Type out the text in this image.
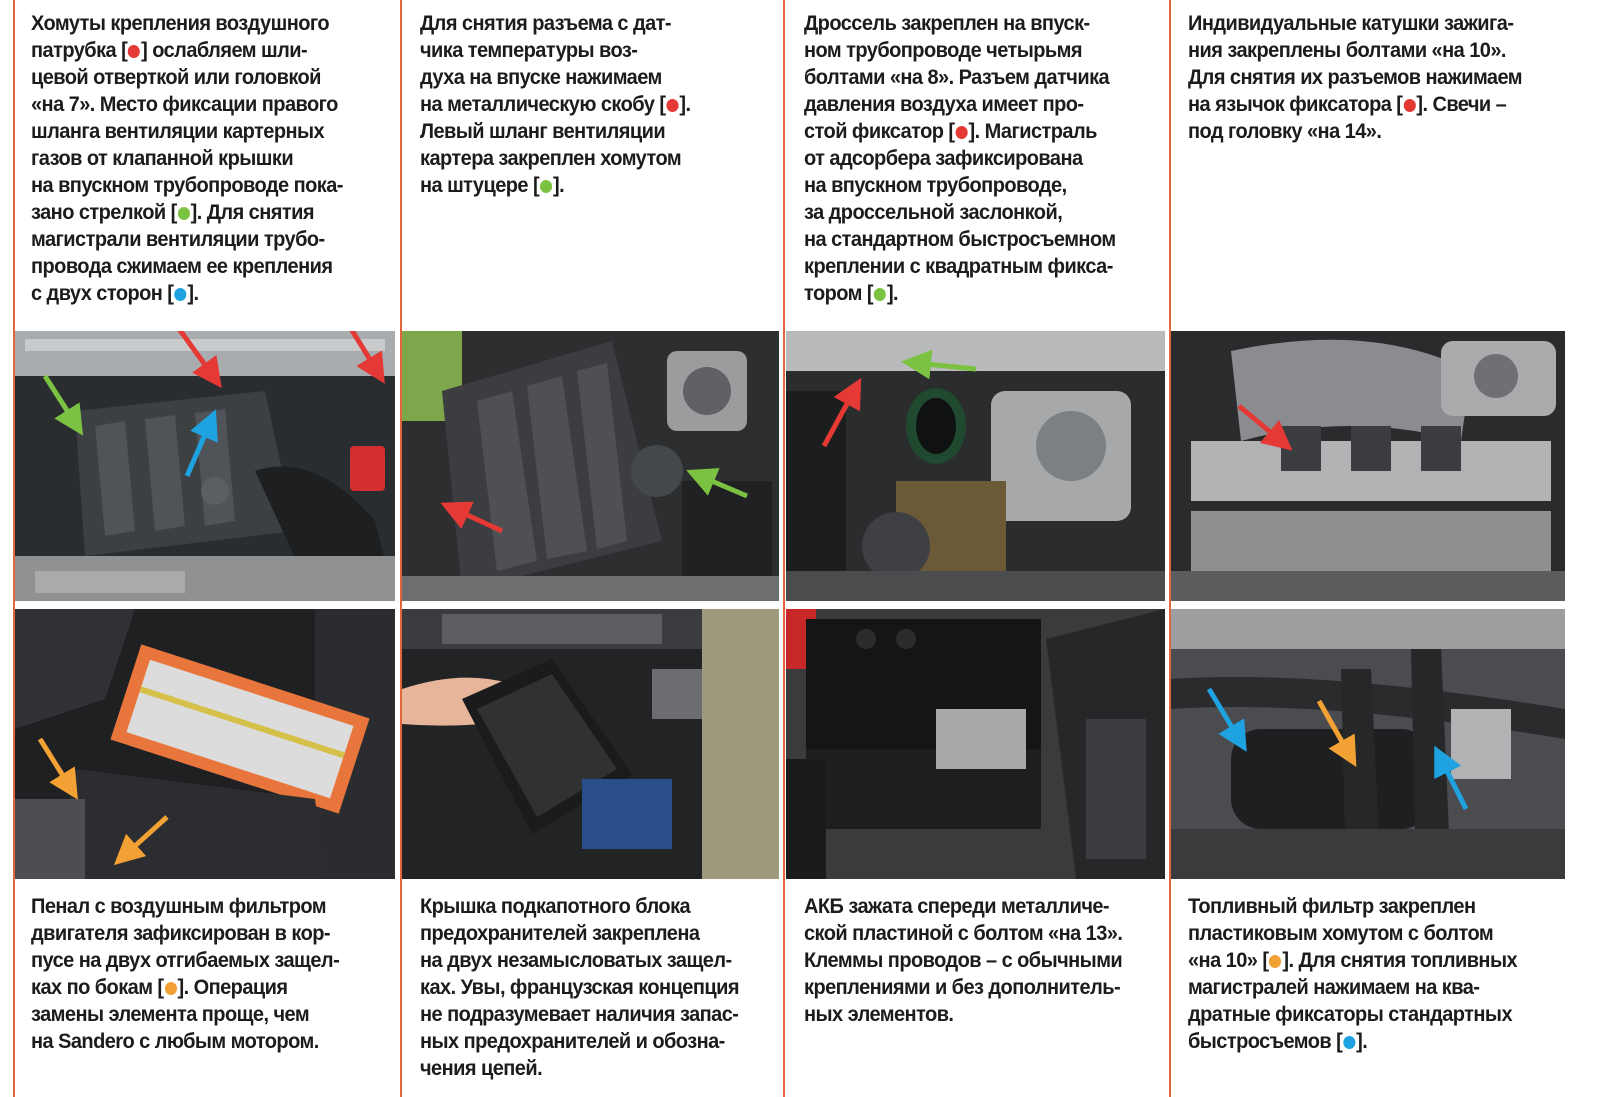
Хомуты крепления воздушного
патрубка [ ] ослабляем шли-
цевой отверткой или головкой
«на 7». Место фиксации правого
шланга вентиляции картерных
газов от клапанной крышки
на впускном трубопроводе пока-
зано стрелкой [ ]. Для снятия
магистрали вентиляции трубо-
провода сжимаем ее крепления
с двух сторон [ ].
Для снятия разъема с дат-
чика температуры воз-
духа на впуске нажимаем
на металлическую скобу [ ].
Левый шланг вентиляции
картера закреплен хомутом
на штуцере [ ].
Дроссель закреплен на впуск-
ном трубопроводе четырьмя
болтами «на 8». Разъем датчика
давления воздуха имеет про-
стой фиксатор [ ]. Магистраль
от адсорбера зафиксирована
на впускном трубопроводе,
за дроссельной заслонкой,
на стандартном быстросъемном
креплении с квадратным фикса-
тором [ ].
Индивидуальные катушки зажига-
ния закреплены болтами «на 10».
Для снятия их разъемов нажимаем
на язычок фиксатора [ ]. Свечи –
под головку «на 14».
Пенал с воздушным фильтром
двигателя зафиксирован в кор-
пусе на двух отгибаемых защел-
ках по бокам [ ]. Операция
замены элемента проще, чем
на Sandero с любым мотором.
Крышка подкапотного блока
предохранителей закреплена
на двух незамысловатых защел-
ках. Увы, французская концепция
не подразумевает наличия запас-
ных предохранителей и обозна-
чения цепей.
АКБ зажата спереди металличе-
ской пластиной с болтом «на 13».
Клеммы проводов – с обычными
креплениями и без дополнитель-
ных элементов.
Топливный фильтр закреплен
пластиковым хомутом с болтом
«на 10» [ ]. Для снятия топливных
магистралей нажимаем на ква-
дратные фиксаторы стандартных
быстросъемов [ ].
